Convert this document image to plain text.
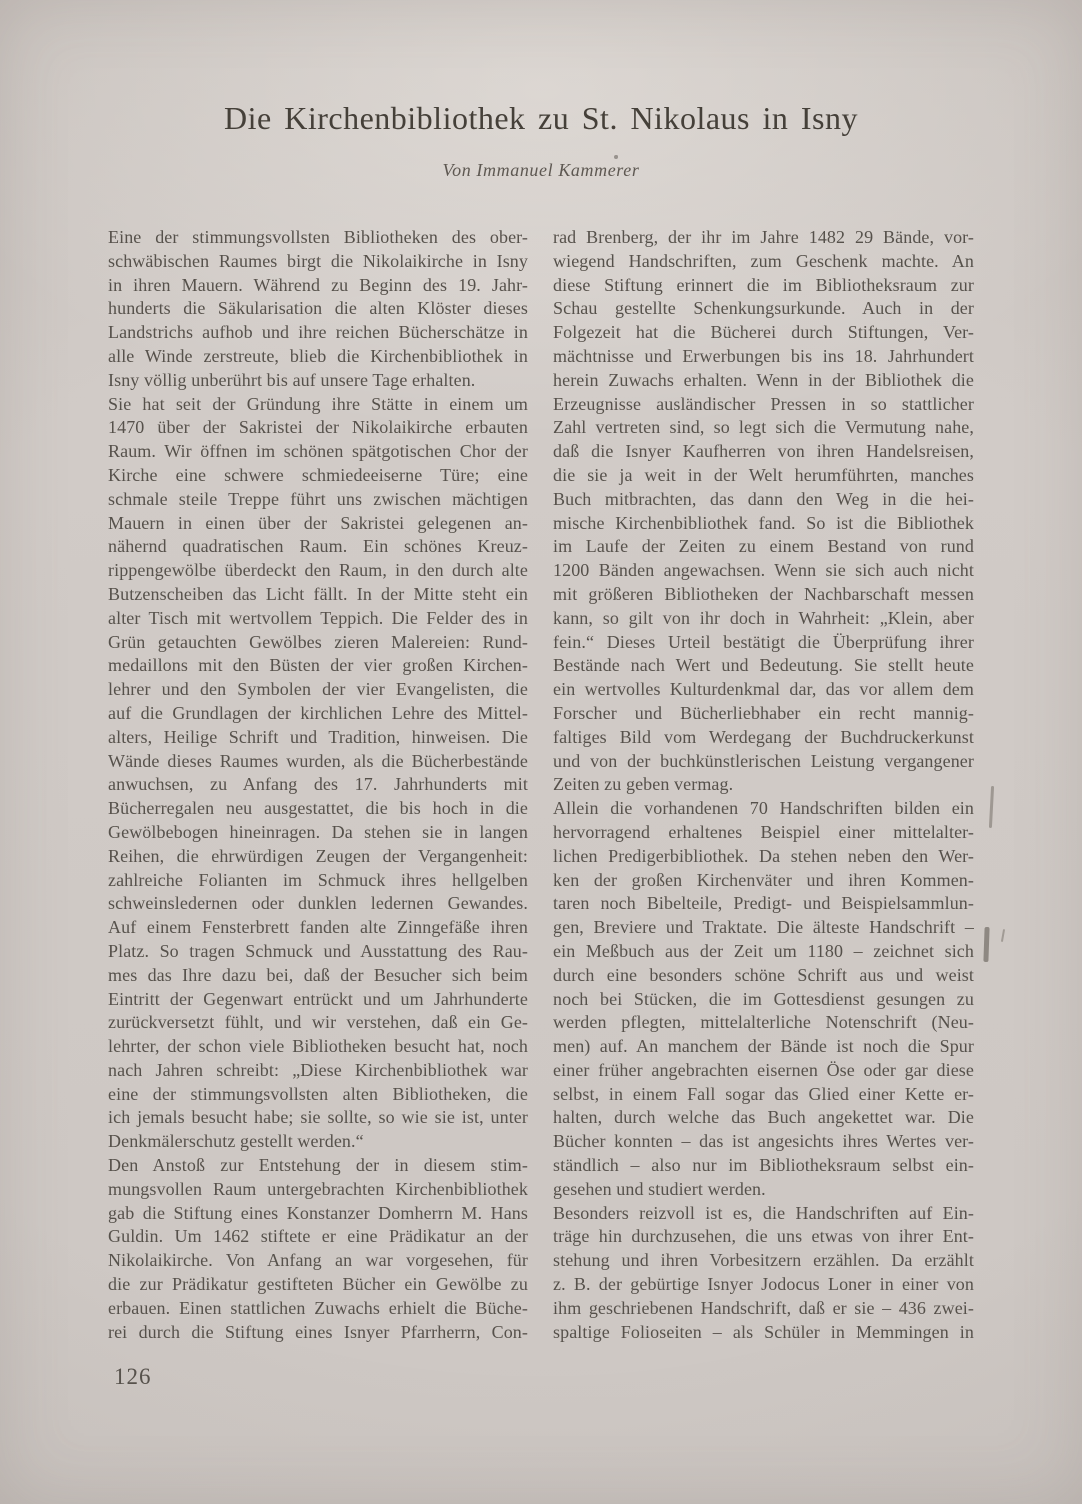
Die Kirchenbibliothek zu St. Nikolaus in Isny
Von Immanuel Kammerer
Eine der stimmungsvollsten Bibliotheken des ober-
schwäbischen Raumes birgt die Nikolaikirche in Isny
in ihren Mauern. Während zu Beginn des 19. Jahr-
hunderts die Säkularisation die alten Klöster dieses
Landstrichs aufhob und ihre reichen Bücherschätze in
alle Winde zerstreute, blieb die Kirchenbibliothek in
Isny völlig unberührt bis auf unsere Tage erhalten.
Sie hat seit der Gründung ihre Stätte in einem um
1470 über der Sakristei der Nikolaikirche erbauten
Raum. Wir öffnen im schönen spätgotischen Chor der
Kirche eine schwere schmiedeeiserne Türe; eine
schmale steile Treppe führt uns zwischen mächtigen
Mauern in einen über der Sakristei gelegenen an-
nähernd quadratischen Raum. Ein schönes Kreuz-
rippengewölbe überdeckt den Raum, in den durch alte
Butzenscheiben das Licht fällt. In der Mitte steht ein
alter Tisch mit wertvollem Teppich. Die Felder des in
Grün getauchten Gewölbes zieren Malereien: Rund-
medaillons mit den Büsten der vier großen Kirchen-
lehrer und den Symbolen der vier Evangelisten, die
auf die Grundlagen der kirchlichen Lehre des Mittel-
alters, Heilige Schrift und Tradition, hinweisen. Die
Wände dieses Raumes wurden, als die Bücherbestände
anwuchsen, zu Anfang des 17. Jahrhunderts mit
Bücherregalen neu ausgestattet, die bis hoch in die
Gewölbebogen hineinragen. Da stehen sie in langen
Reihen, die ehrwürdigen Zeugen der Vergangenheit:
zahlreiche Folianten im Schmuck ihres hellgelben
schweinsledernen oder dunklen ledernen Gewandes.
Auf einem Fensterbrett fanden alte Zinngefäße ihren
Platz. So tragen Schmuck und Ausstattung des Rau-
mes das Ihre dazu bei, daß der Besucher sich beim
Eintritt der Gegenwart entrückt und um Jahrhunderte
zurückversetzt fühlt, und wir verstehen, daß ein Ge-
lehrter, der schon viele Bibliotheken besucht hat, noch
nach Jahren schreibt: „Diese Kirchenbibliothek war
eine der stimmungsvollsten alten Bibliotheken, die
ich jemals besucht habe; sie sollte, so wie sie ist, unter
Denkmälerschutz gestellt werden.“
Den Anstoß zur Entstehung der in diesem stim-
mungsvollen Raum untergebrachten Kirchenbibliothek
gab die Stiftung eines Konstanzer Domherrn M. Hans
Guldin. Um 1462 stiftete er eine Prädikatur an der
Nikolaikirche. Von Anfang an war vorgesehen, für
die zur Prädikatur gestifteten Bücher ein Gewölbe zu
erbauen. Einen stattlichen Zuwachs erhielt die Büche-
rei durch die Stiftung eines Isnyer Pfarrherrn, Con-
rad Brenberg, der ihr im Jahre 1482 29 Bände, vor-
wiegend Handschriften, zum Geschenk machte. An
diese Stiftung erinnert die im Bibliotheksraum zur
Schau gestellte Schenkungsurkunde. Auch in der
Folgezeit hat die Bücherei durch Stiftungen, Ver-
mächtnisse und Erwerbungen bis ins 18. Jahrhundert
herein Zuwachs erhalten. Wenn in der Bibliothek die
Erzeugnisse ausländischer Pressen in so stattlicher
Zahl vertreten sind, so legt sich die Vermutung nahe,
daß die Isnyer Kaufherren von ihren Handelsreisen,
die sie ja weit in der Welt herumführten, manches
Buch mitbrachten, das dann den Weg in die hei-
mische Kirchenbibliothek fand. So ist die Bibliothek
im Laufe der Zeiten zu einem Bestand von rund
1200 Bänden angewachsen. Wenn sie sich auch nicht
mit größeren Bibliotheken der Nachbarschaft messen
kann, so gilt von ihr doch in Wahrheit: „Klein, aber
fein.“ Dieses Urteil bestätigt die Überprüfung ihrer
Bestände nach Wert und Bedeutung. Sie stellt heute
ein wertvolles Kulturdenkmal dar, das vor allem dem
Forscher und Bücherliebhaber ein recht mannig-
faltiges Bild vom Werdegang der Buchdruckerkunst
und von der buchkünstlerischen Leistung vergangener
Zeiten zu geben vermag.
Allein die vorhandenen 70 Handschriften bilden ein
hervorragend erhaltenes Beispiel einer mittelalter-
lichen Predigerbibliothek. Da stehen neben den Wer-
ken der großen Kirchenväter und ihren Kommen-
taren noch Bibelteile, Predigt- und Beispielsammlun-
gen, Breviere und Traktate. Die älteste Handschrift –
ein Meßbuch aus der Zeit um 1180 – zeichnet sich
durch eine besonders schöne Schrift aus und weist
noch bei Stücken, die im Gottesdienst gesungen zu
werden pflegten, mittelalterliche Notenschrift (Neu-
men) auf. An manchem der Bände ist noch die Spur
einer früher angebrachten eisernen Öse oder gar diese
selbst, in einem Fall sogar das Glied einer Kette er-
halten, durch welche das Buch angekettet war. Die
Bücher konnten – das ist angesichts ihres Wertes ver-
ständlich – also nur im Bibliotheksraum selbst ein-
gesehen und studiert werden.
Besonders reizvoll ist es, die Handschriften auf Ein-
träge hin durchzusehen, die uns etwas von ihrer Ent-
stehung und ihren Vorbesitzern erzählen. Da erzählt
z. B. der gebürtige Isnyer Jodocus Loner in einer von
ihm geschriebenen Handschrift, daß er sie – 436 zwei-
spaltige Folioseiten – als Schüler in Memmingen in
126
